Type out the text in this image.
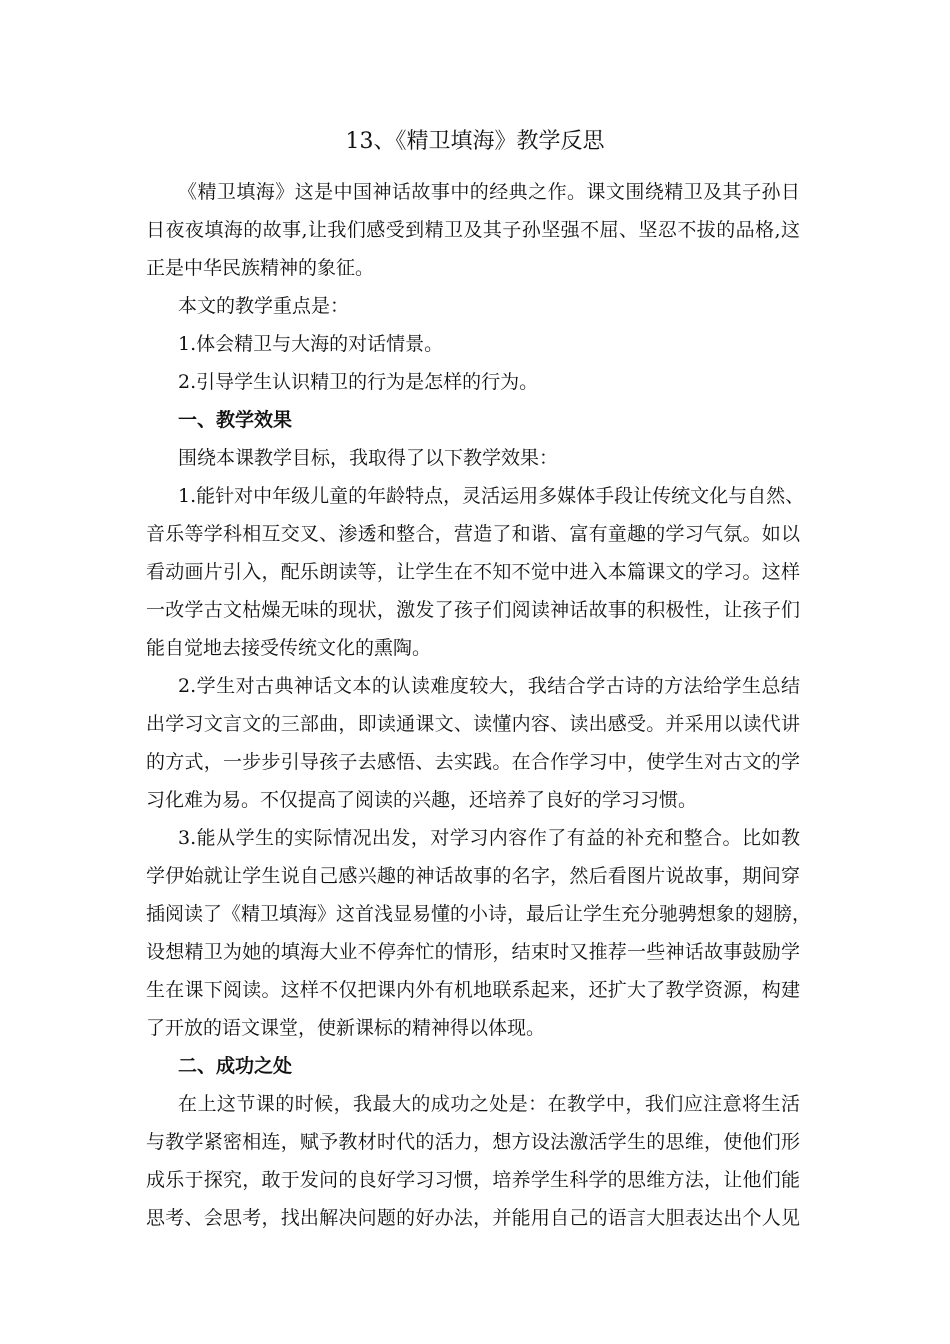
13、《精卫填海》教学反思
《精卫填海》这是中国神话故事中的经典之作。课文围绕精卫及其子孙日
日夜夜填海的故事,让我们感受到精卫及其子孙坚强不屈、坚忍不拔的品格,这
正是中华民族精神的象征。
本文的教学重点是：
1.体会精卫与大海的对话情景。
2.引导学生认识精卫的行为是怎样的行为。
一、教学效果
围绕本课教学目标，我取得了以下教学效果：
1.能针对中年级儿童的年龄特点，灵活运用多媒体手段让传统文化与自然、
音乐等学科相互交叉、渗透和整合，营造了和谐、富有童趣的学习气氛。如以
看动画片引入，配乐朗读等，让学生在不知不觉中进入本篇课文的学习。这样
一改学古文枯燥无味的现状，激发了孩子们阅读神话故事的积极性，让孩子们
能自觉地去接受传统文化的熏陶。
2.学生对古典神话文本的认读难度较大，我结合学古诗的方法给学生总结
出学习文言文的三部曲，即读通课文、读懂内容、读出感受。并采用以读代讲
的方式，一步步引导孩子去感悟、去实践。在合作学习中，使学生对古文的学
习化难为易。不仅提高了阅读的兴趣，还培养了良好的学习习惯。
3.能从学生的实际情况出发，对学习内容作了有益的补充和整合。比如教
学伊始就让学生说自己感兴趣的神话故事的名字，然后看图片说故事，期间穿
插阅读了《精卫填海》这首浅显易懂的小诗，最后让学生充分驰骋想象的翅膀，
设想精卫为她的填海大业不停奔忙的情形，结束时又推荐一些神话故事鼓励学
生在课下阅读。这样不仅把课内外有机地联系起来，还扩大了教学资源，构建
了开放的语文课堂，使新课标的精神得以体现。
二、成功之处
在上这节课的时候，我最大的成功之处是：在教学中，我们应注意将生活
与教学紧密相连，赋予教材时代的活力，想方设法激活学生的思维，使他们形
成乐于探究，敢于发问的良好学习习惯，培养学生科学的思维方法，让他们能
思考、会思考，找出解决问题的好办法，并能用自己的语言大胆表达出个人见
